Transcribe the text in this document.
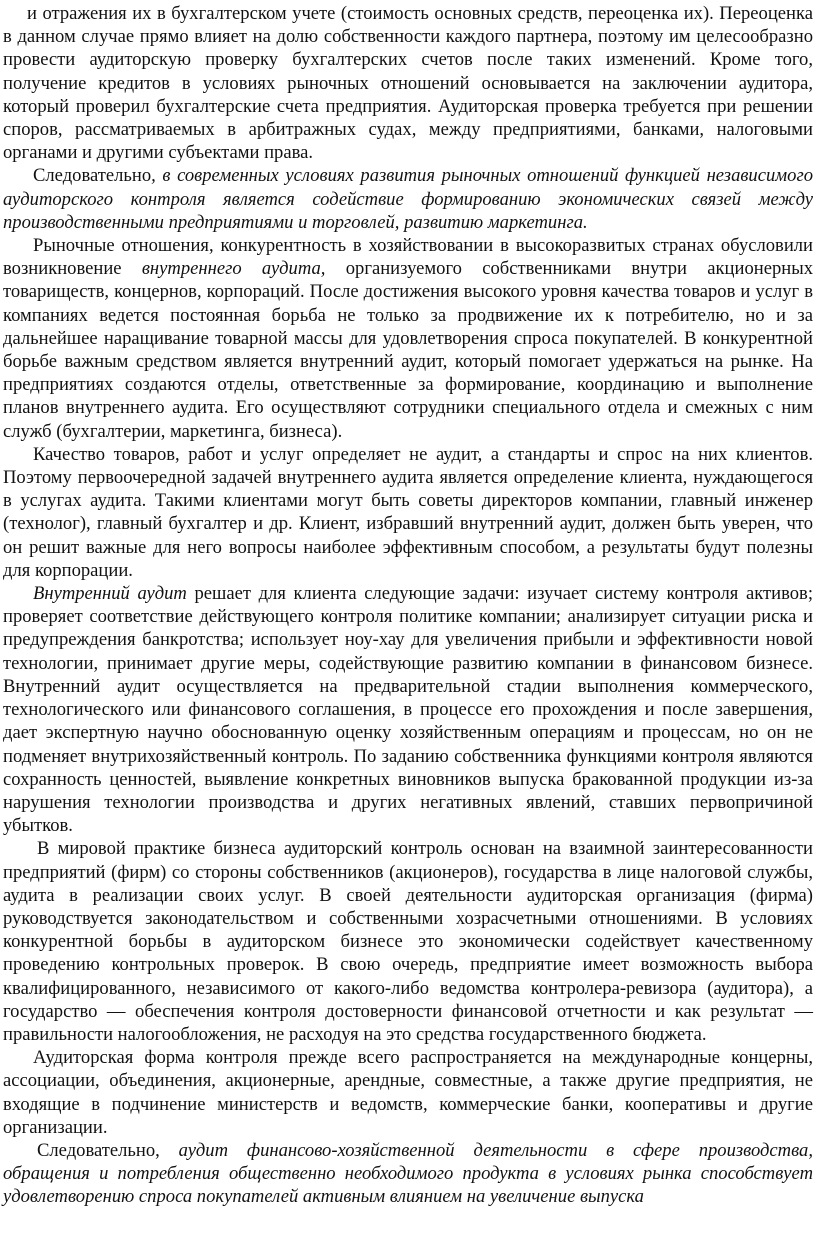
и отражения их в бухгалтерском учете (стоимость основных средств, переоценка их). Переоценка в данном случае прямо влияет на долю собственности каждого партнера, поэтому им целесообразно провести аудиторскую проверку бухгалтерских счетов после таких изменений. Кроме того, получение кредитов в условиях рыночных отношений основывается на заключении аудитора, который проверил бухгалтерские счета предприятия. Аудиторская проверка требуется при решении споров, рассматриваемых в арбитражных судах, между предприятиями, банками, налоговыми органами и другими субъектами права.

Следовательно, в современных условиях развития рыночных отношений функцией независимого аудиторского контроля является содействие формированию экономических связей между производственными предприятиями и торговлей, развитию маркетинга.

Рыночные отношения, конкурентность в хозяйствовании в высокоразвитых странах обусловили возникновение внутреннего аудита, организуемого собственниками внутри акционерных товариществ, концернов, корпораций. После достижения высокого уровня качества товаров и услуг в компаниях ведется постоянная борьба не только за продвижение их к потребителю, но и за дальнейшее наращивание товарной массы для удовлетворения спроса покупателей. В конкурентной борьбе важным средством является внутренний аудит, который помогает удержаться на рынке. На предприятиях создаются отделы, ответственные за формирование, координацию и выполнение планов внутреннего аудита. Его осуществляют сотрудники специального отдела и смежных с ним служб (бухгалтерии, маркетинга, бизнеса).

Качество товаров, работ и услуг определяет не аудит, а стандарты и спрос на них клиентов. Поэтому первоочередной задачей внутреннего аудита является определение клиента, нуждающегося в услугах аудита. Такими клиентами могут быть советы директоров компании, главный инженер (технолог), главный бухгалтер и др. Клиент, избравший внутренний аудит, должен быть уверен, что он решит важные для него вопросы наиболее эффективным способом, а результаты будут полезны для корпорации.

Внутренний аудит решает для клиента следующие задачи: изучает систему контроля активов; проверяет соответствие действующего контроля политике компании; анализирует ситуации риска и предупреждения банкротства; использует ноу-хау для увеличения прибыли и эффективности новой технологии, принимает другие меры, содействующие развитию компании в финансовом бизнесе. Внутренний аудит осуществляется на предварительной стадии выполнения коммерческого, технологического или финансового соглашения, в процессе его прохождения и после завершения, дает экспертную научно обоснованную оценку хозяйственным операциям и процессам, но он не подменяет внутрихозяйственный контроль. По заданию собственника функциями контроля являются сохранность ценностей, выявление конкретных виновников выпуска бракованной продукции из-за нарушения технологии производства и других негативных явлений, ставших первопричиной убытков.

В мировой практике бизнеса аудиторский контроль основан на взаимной заинтересованности предприятий (фирм) со стороны собственников (акционеров), государства в лице налоговой службы, аудита в реализации своих услуг. В своей деятельности аудиторская организация (фирма) руководствуется законодательством и собственными хозрасчетными отношениями. В условиях конкурентной борьбы в аудиторском бизнесе это экономически содействует качественному проведению контрольных проверок. В свою очередь, предприятие имеет возможность выбора квалифицированного, независимого от какого-либо ведомства контролера-ревизора (аудитора), а государство — обеспечения контроля достоверности финансовой отчетности и как результат — правильности налогообложения, не расходуя на это средства государственного бюджета.

Аудиторская форма контроля прежде всего распространяется на международные концерны, ассоциации, объединения, акционерные, арендные, совместные, а также другие предприятия, не входящие в подчинение министерств и ведомств, коммерческие банки, кооперативы и другие организации.

Следовательно, аудит финансово-хозяйственной деятельности в сфере производства, обращения и потребления общественно необходимого продукта в условиях рынка способствует удовлетворению спроса покупателей активным влиянием на увеличение выпуска
